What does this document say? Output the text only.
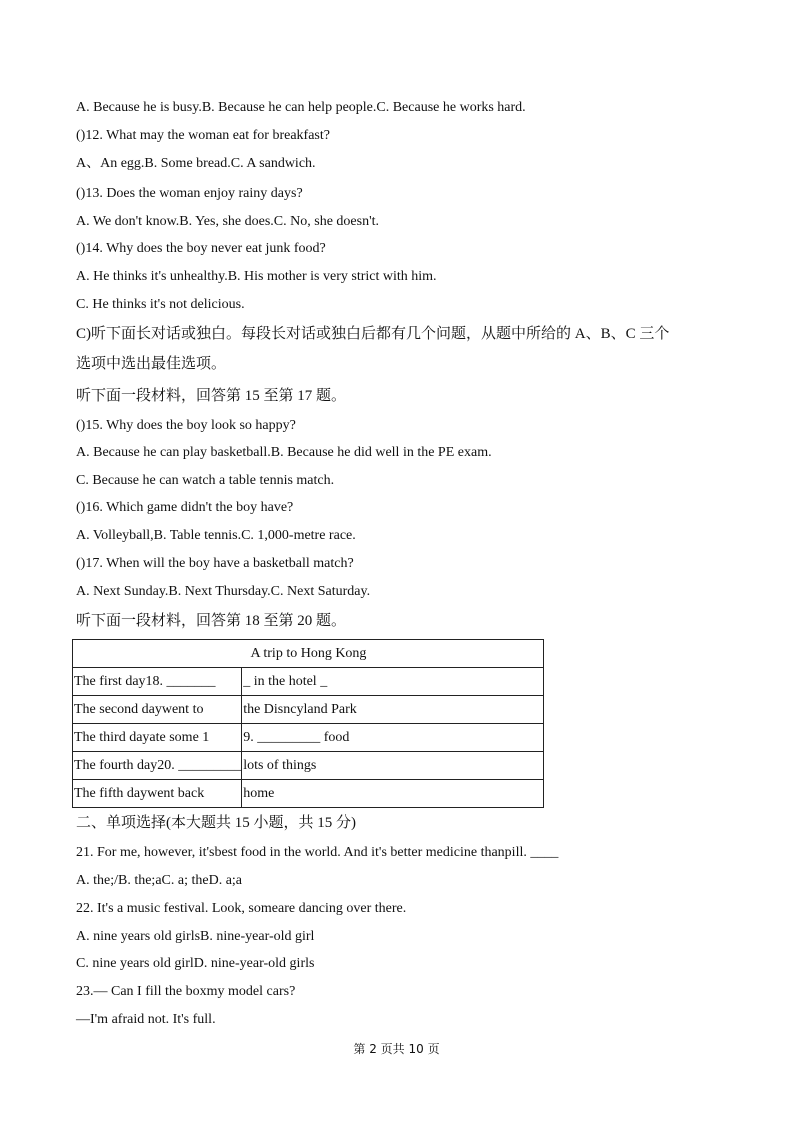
A. Because he is busy.B. Because he can help people.C. Because he works hard.
()12. What may the woman eat for breakfast?
A、An egg.B. Some bread.C. A sandwich.
()13. Does the woman enjoy rainy days?
A. We don't know.B. Yes, she does.C. No, she doesn't.
()14. Why does the boy never eat junk food?
A. He thinks it's unhealthy.B. His mother is very strict with him.
C. He thinks it's not delicious.
C)听下面长对话或独白。每段长对话或独白后都有几个问题，从题中所给的 A、B、C 三个
选项中选出最佳选项。
听下面一段材料，回答第 15 至第 17 题。
()15. Why does the boy look so happy?
A. Because he can play basketball.B. Because he did well in the PE exam.
C. Because he can watch a table tennis match.
()16. Which game didn't the boy have?
A. Volleyball,B. Table tennis.C. 1,000-metre race.
()17. When will the boy have a basketball match?
A. Next Sunday.B. Next Thursday.C. Next Saturday.
听下面一段材料，回答第 18 至第 20 题。
二、单项选择(本大题共 15 小题，共 15 分)
21. For me, however, it'sbest food in the world. And it's better medicine thanpill. ____
A. the;/B. the;aC. a; theD. a;a
22. It's a music festival. Look, someare dancing over there.
A. nine years old girlsB. nine-year-old girl
C. nine years old girlD. nine-year-old girls
23.— Can I fill the boxmy model cars?
—I'm afraid not. It's full.
A trip to Hong Kong	
The first day18. _______	_ in the hotel _
The second daywent to	the Disncyland Park
The third dayate some 1	9. _________ food
The fourth day20. _________	lots of things
The fifth daywent back	home
第 2 页共 10 页
